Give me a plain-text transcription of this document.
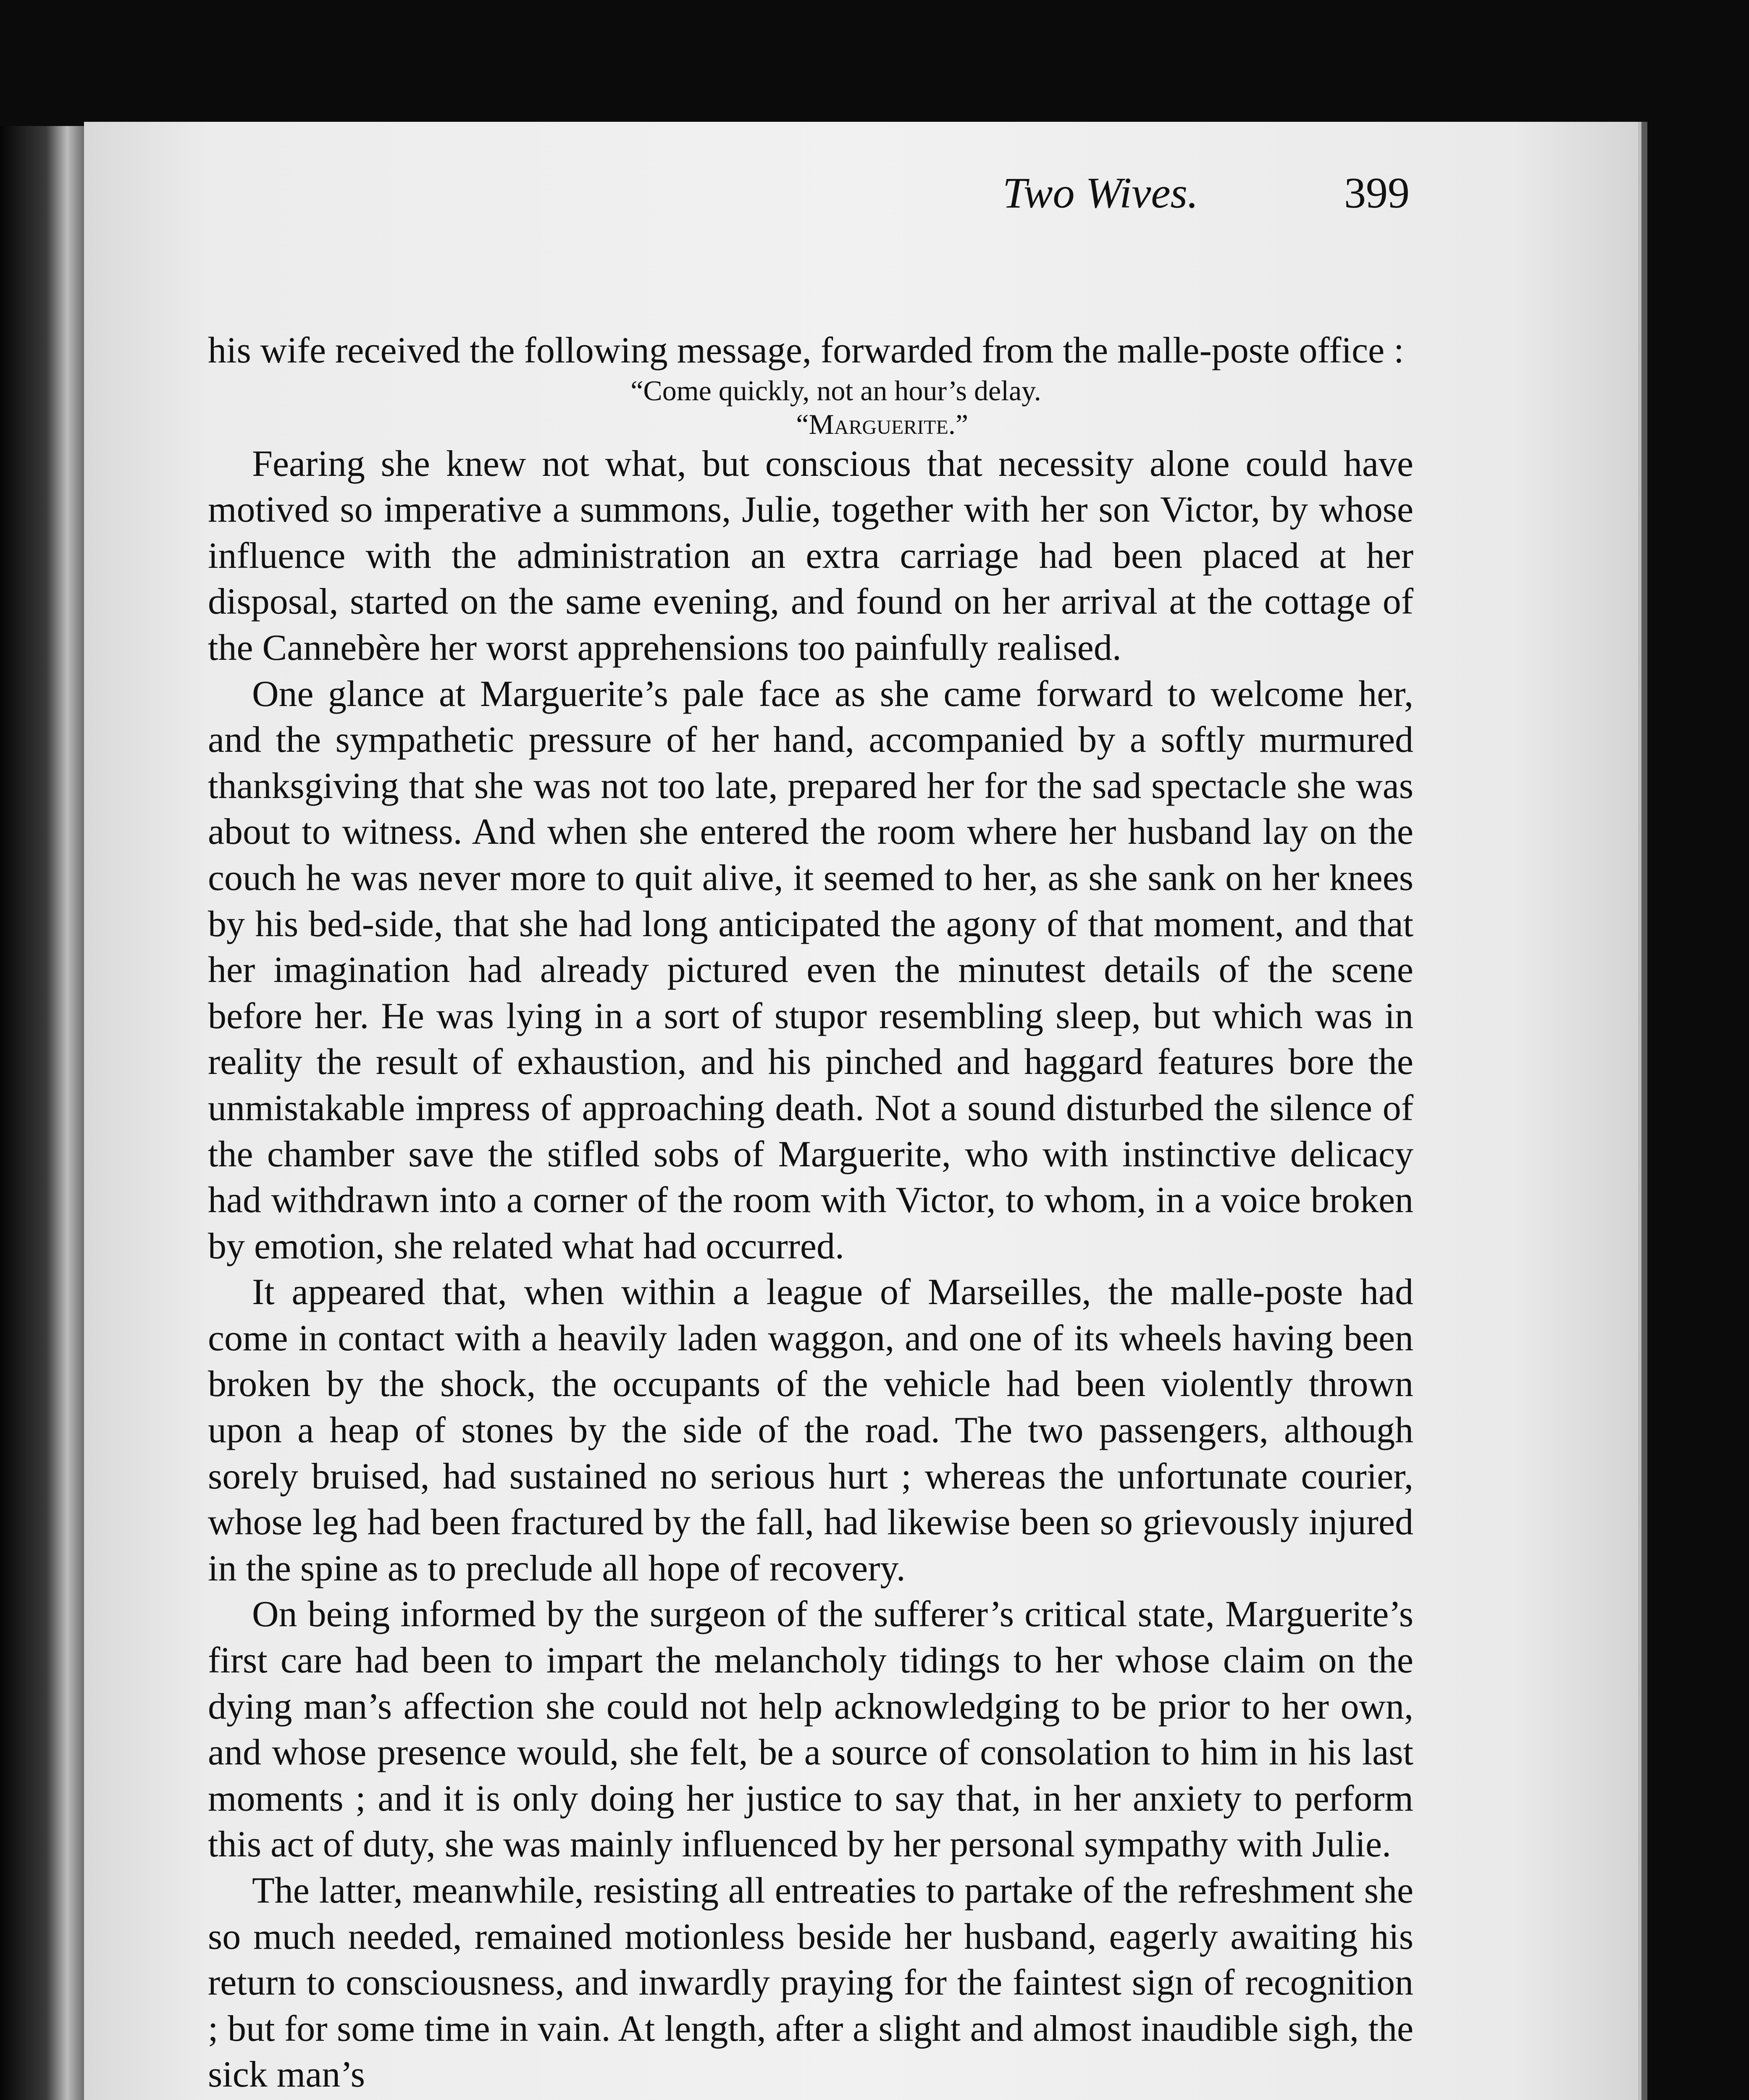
Two Wives.	399

his wife received the following message, forwarded from the malle-poste office :

“Come quickly, not an hour’s delay.
“Marguerite.”

Fearing she knew not what, but conscious that necessity alone could have motived so imperative a summons, Julie, together with her son Victor, by whose influence with the administration an extra carriage had been placed at her disposal, started on the same evening, and found on her arrival at the cottage of the Cannebère her worst apprehensions too painfully realised.

One glance at Marguerite’s pale face as she came forward to welcome her, and the sympathetic pressure of her hand, accompanied by a softly murmured thanksgiving that she was not too late, prepared her for the sad spectacle she was about to witness. And when she entered the room where her husband lay on the couch he was never more to quit alive, it seemed to her, as she sank on her knees by his bed-side, that she had long anticipated the agony of that moment, and that her imagination had already pictured even the minutest details of the scene before her. He was lying in a sort of stupor resembling sleep, but which was in reality the result of exhaustion, and his pinched and haggard features bore the unmistakable impress of approaching death. Not a sound disturbed the silence of the chamber save the stifled sobs of Marguerite, who with instinctive delicacy had withdrawn into a corner of the room with Victor, to whom, in a voice broken by emotion, she related what had occurred.

It appeared that, when within a league of Marseilles, the malle-poste had come in contact with a heavily laden waggon, and one of its wheels having been broken by the shock, the occupants of the vehicle had been violently thrown upon a heap of stones by the side of the road. The two passengers, although sorely bruised, had sustained no serious hurt ; whereas the unfortunate courier, whose leg had been fractured by the fall, had likewise been so grievously injured in the spine as to preclude all hope of recovery.

On being informed by the surgeon of the sufferer’s critical state, Marguerite’s first care had been to impart the melancholy tidings to her whose claim on the dying man’s affection she could not help acknowledging to be prior to her own, and whose presence would, she felt, be a source of consolation to him in his last moments ; and it is only doing her justice to say that, in her anxiety to perform this act of duty, she was mainly influenced by her personal sympathy with Julie.

The latter, meanwhile, resisting all entreaties to partake of the refreshment she so much needed, remained motionless beside her husband, eagerly awaiting his return to consciousness, and inwardly praying for the faintest sign of recognition ; but for some time in vain. At length, after a slight and almost inaudible sigh, the sick man’s
